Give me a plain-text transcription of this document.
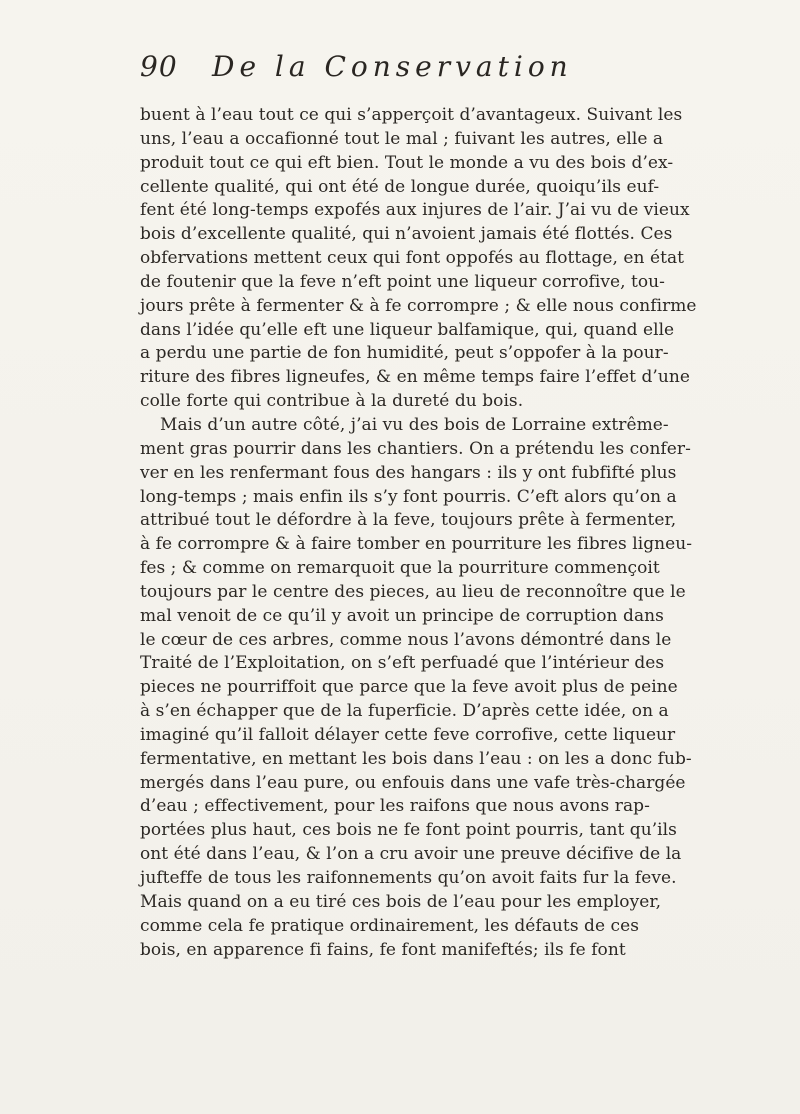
90 De la Conservation
buent à l’eau tout ce qui s’apperçoit d’avantageux. Suivant les
uns, l’eau a occafionné tout le mal ; fuivant les autres, elle a
produit tout ce qui eft bien. Tout le monde a vu des bois d’ex-
cellente qualité, qui ont été de longue durée, quoiqu’ils euf-
fent été long-temps expofés aux injures de l’air. J’ai vu de vieux
bois d’excellente qualité, qui n’avoient jamais été flottés. Ces
obfervations mettent ceux qui font oppofés au flottage, en état
de foutenir que la feve n’eft point une liqueur corrofive, tou-
jours prête à fermenter & à fe corrompre ; & elle nous confirme
dans l’idée qu’elle eft une liqueur balfamique, qui, quand elle
a perdu une partie de fon humidité, peut s’oppofer à la pour-
riture des fibres ligneufes, & en même temps faire l’effet d’une
colle forte qui contribue à la dureté du bois.
Mais d’un autre côté, j’ai vu des bois de Lorraine extrême-
ment gras pourrir dans les chantiers. On a prétendu les confer-
ver en les renfermant fous des hangars : ils y ont fubfifté plus
long-temps ; mais enfin ils s’y font pourris. C’eft alors qu’on a
attribué tout le défordre à la feve, toujours prête à fermenter,
à fe corrompre & à faire tomber en pourriture les fibres ligneu-
fes ; & comme on remarquoit que la pourriture commençoit
toujours par le centre des pieces, au lieu de reconnoître que le
mal venoit de ce qu’il y avoit un principe de corruption dans
le cœur de ces arbres, comme nous l’avons démontré dans le
Traité de l’Exploitation, on s’eft perfuadé que l’intérieur des
pieces ne pourriffoit que parce que la feve avoit plus de peine
à s’en échapper que de la fuperficie. D’après cette idée, on a
imaginé qu’il falloit délayer cette feve corrofive, cette liqueur
fermentative, en mettant les bois dans l’eau : on les a donc fub-
mergés dans l’eau pure, ou enfouis dans une vafe très-chargée
d’eau ; effectivement, pour les raifons que nous avons rap-
portées plus haut, ces bois ne fe font point pourris, tant qu’ils
ont été dans l’eau, & l’on a cru avoir une preuve décifive de la
jufteffe de tous les raifonnements qu’on avoit faits fur la feve.
Mais quand on a eu tiré ces bois de l’eau pour les employer,
comme cela fe pratique ordinairement, les défauts de ces
bois, en apparence fi fains, fe font manifeftés; ils fe font
